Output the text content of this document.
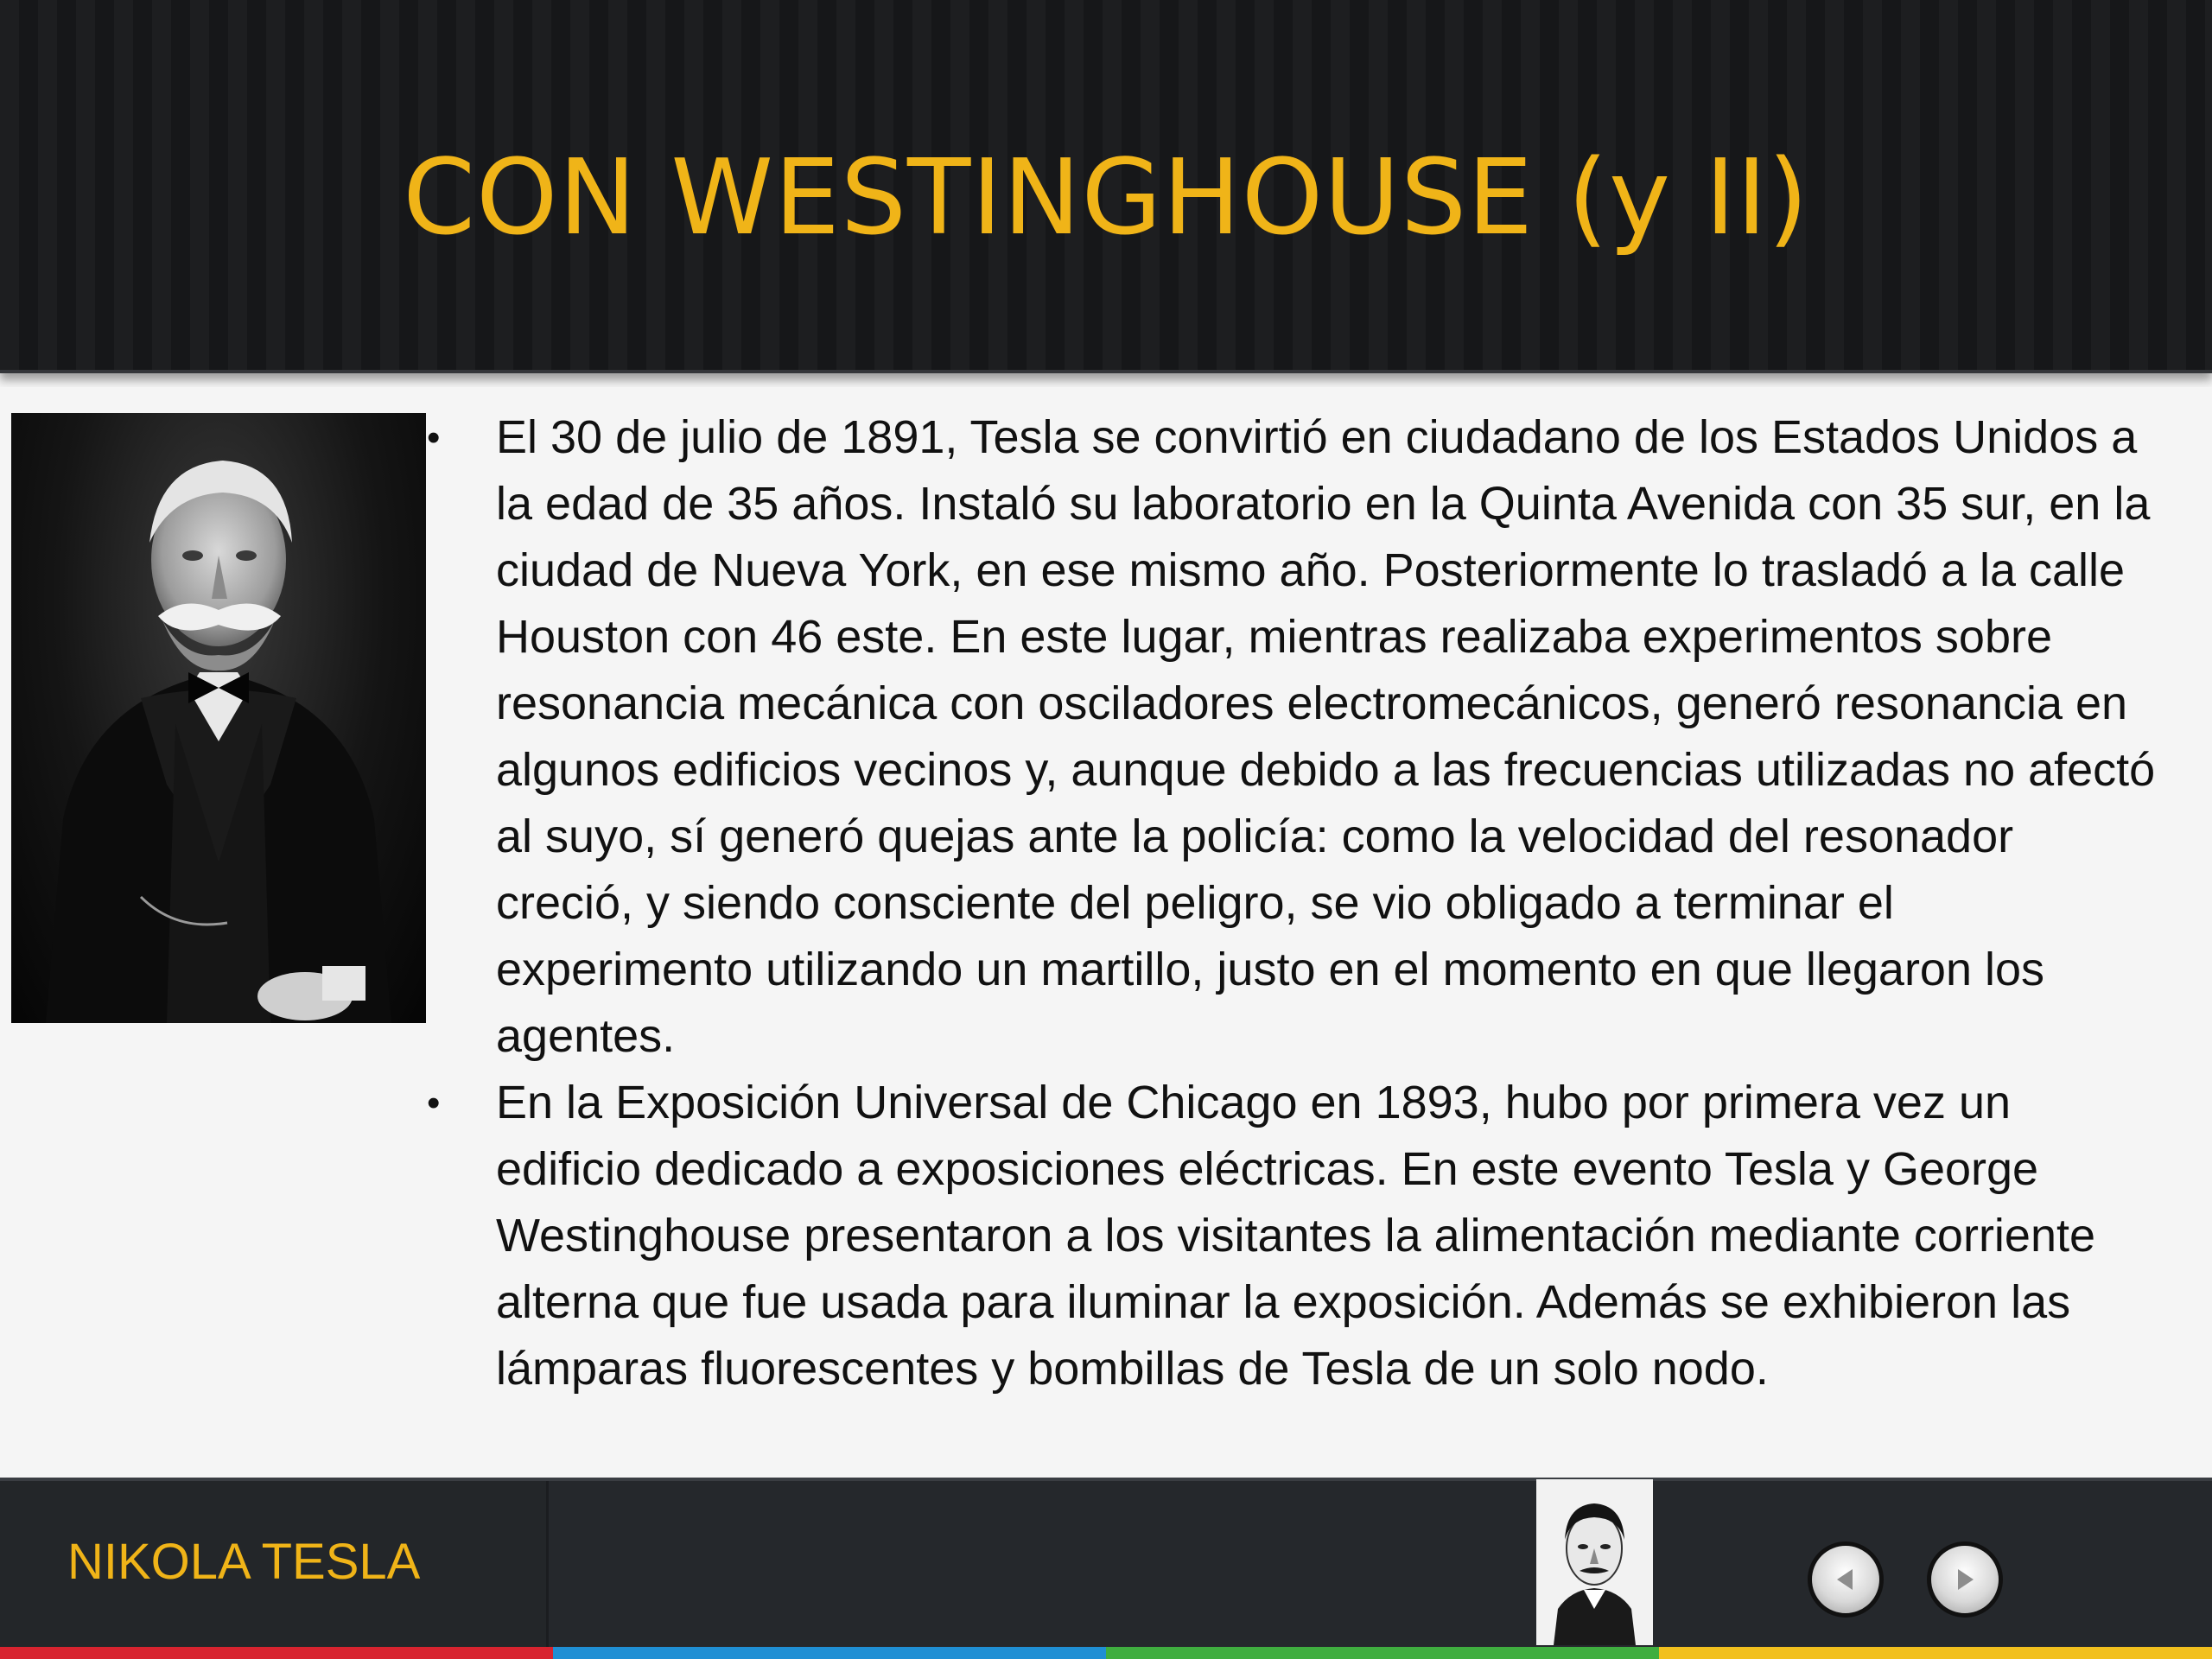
CON WESTINGHOUSE (y II)
• El 30 de julio de 1891, Tesla se convirtió en ciudadano de los Estados Unidos a la edad de 35 años. Instaló su laboratorio en la Quinta Avenida con 35 sur, en la ciudad de Nueva York, en ese mismo año. Posteriormente lo trasladó a la calle Houston con 46 este. En este lugar, mientras realizaba experimentos sobre resonancia mecánica con osciladores electromecánicos, generó resonancia en algunos edificios vecinos y, aunque debido a las frecuencias utilizadas no afectó al suyo, sí generó quejas ante la policía: como la velocidad del resonador creció, y siendo consciente del peligro, se vio obligado a terminar el experimento utilizando un martillo, justo en el momento en que llegaron los agentes.
• En la Exposición Universal de Chicago en 1893, hubo por primera vez un edificio dedicado a exposiciones eléctricas. En este evento Tesla y George Westinghouse presentaron a los visitantes la alimentación mediante corriente alterna que fue usada para iluminar la exposición. Además se exhibieron las lámparas fluorescentes y bombillas de Tesla de un solo nodo.
NIKOLA TESLA
